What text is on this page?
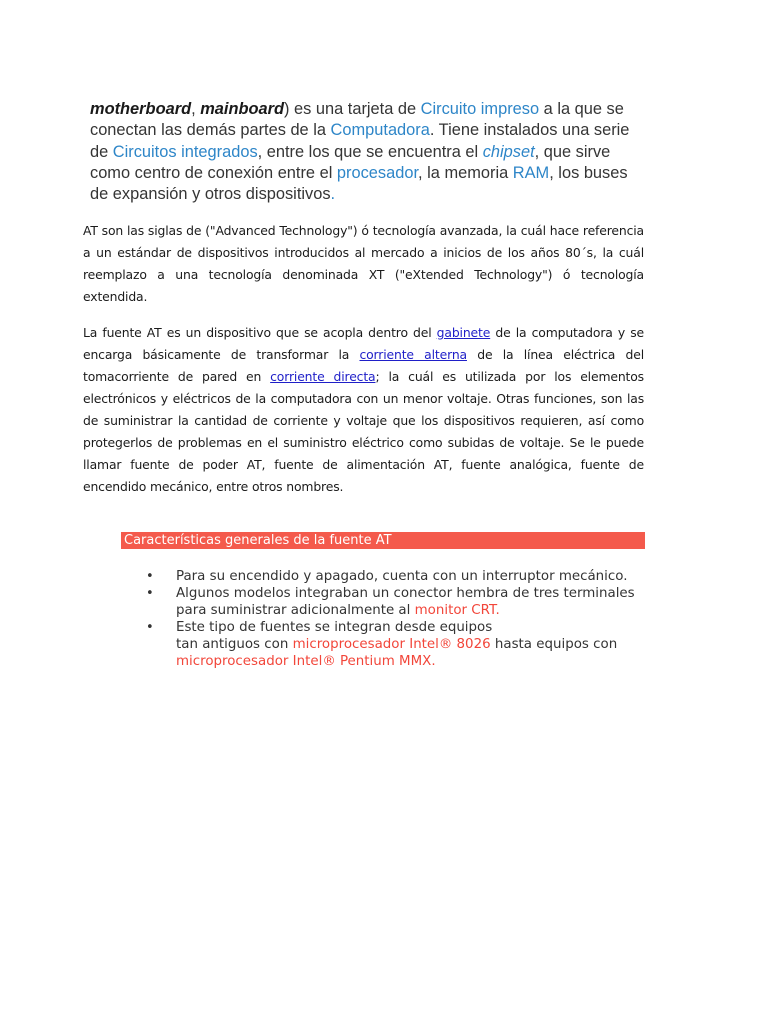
motherboard, mainboard) es una tarjeta de Circuito impreso a la que se conectan las demás partes de la Computadora. Tiene instalados una serie de Circuitos integrados, entre los que se encuentra el chipset, que sirve como centro de conexión entre el procesador, la memoria RAM, los buses de expansión y otros dispositivos.

AT son las siglas de ("Advanced Technology") ó tecnología avanzada, la cuál hace referencia a un estándar de dispositivos introducidos al mercado a inicios de los años 80´s, la cuál reemplazo a una tecnología denominada XT ("eXtended Technology") ó tecnología extendida.

La fuente AT es un dispositivo que se acopla dentro del gabinete de la computadora y se encarga básicamente de transformar la corriente alterna de la línea eléctrica del tomacorriente de pared en corriente directa; la cuál es utilizada por los elementos electrónicos y eléctricos de la computadora con un menor voltaje. Otras funciones, son las de suministrar la cantidad de corriente y voltaje que los dispositivos requieren, así como protegerlos de problemas en el suministro eléctrico como subidas de voltaje. Se le puede llamar fuente de poder AT, fuente de alimentación AT, fuente analógica, fuente de encendido mecánico, entre otros nombres.

Características generales de la fuente AT
• Para su encendido y apagado, cuenta con un interruptor mecánico.
• Algunos modelos integraban un conector hembra de tres terminales para suministrar adicionalmente al monitor CRT.
• Este tipo de fuentes se integran desde equipos
tan antiguos con microprocesador Intel® 8026 hasta equipos con microprocesador Intel® Pentium MMX.
